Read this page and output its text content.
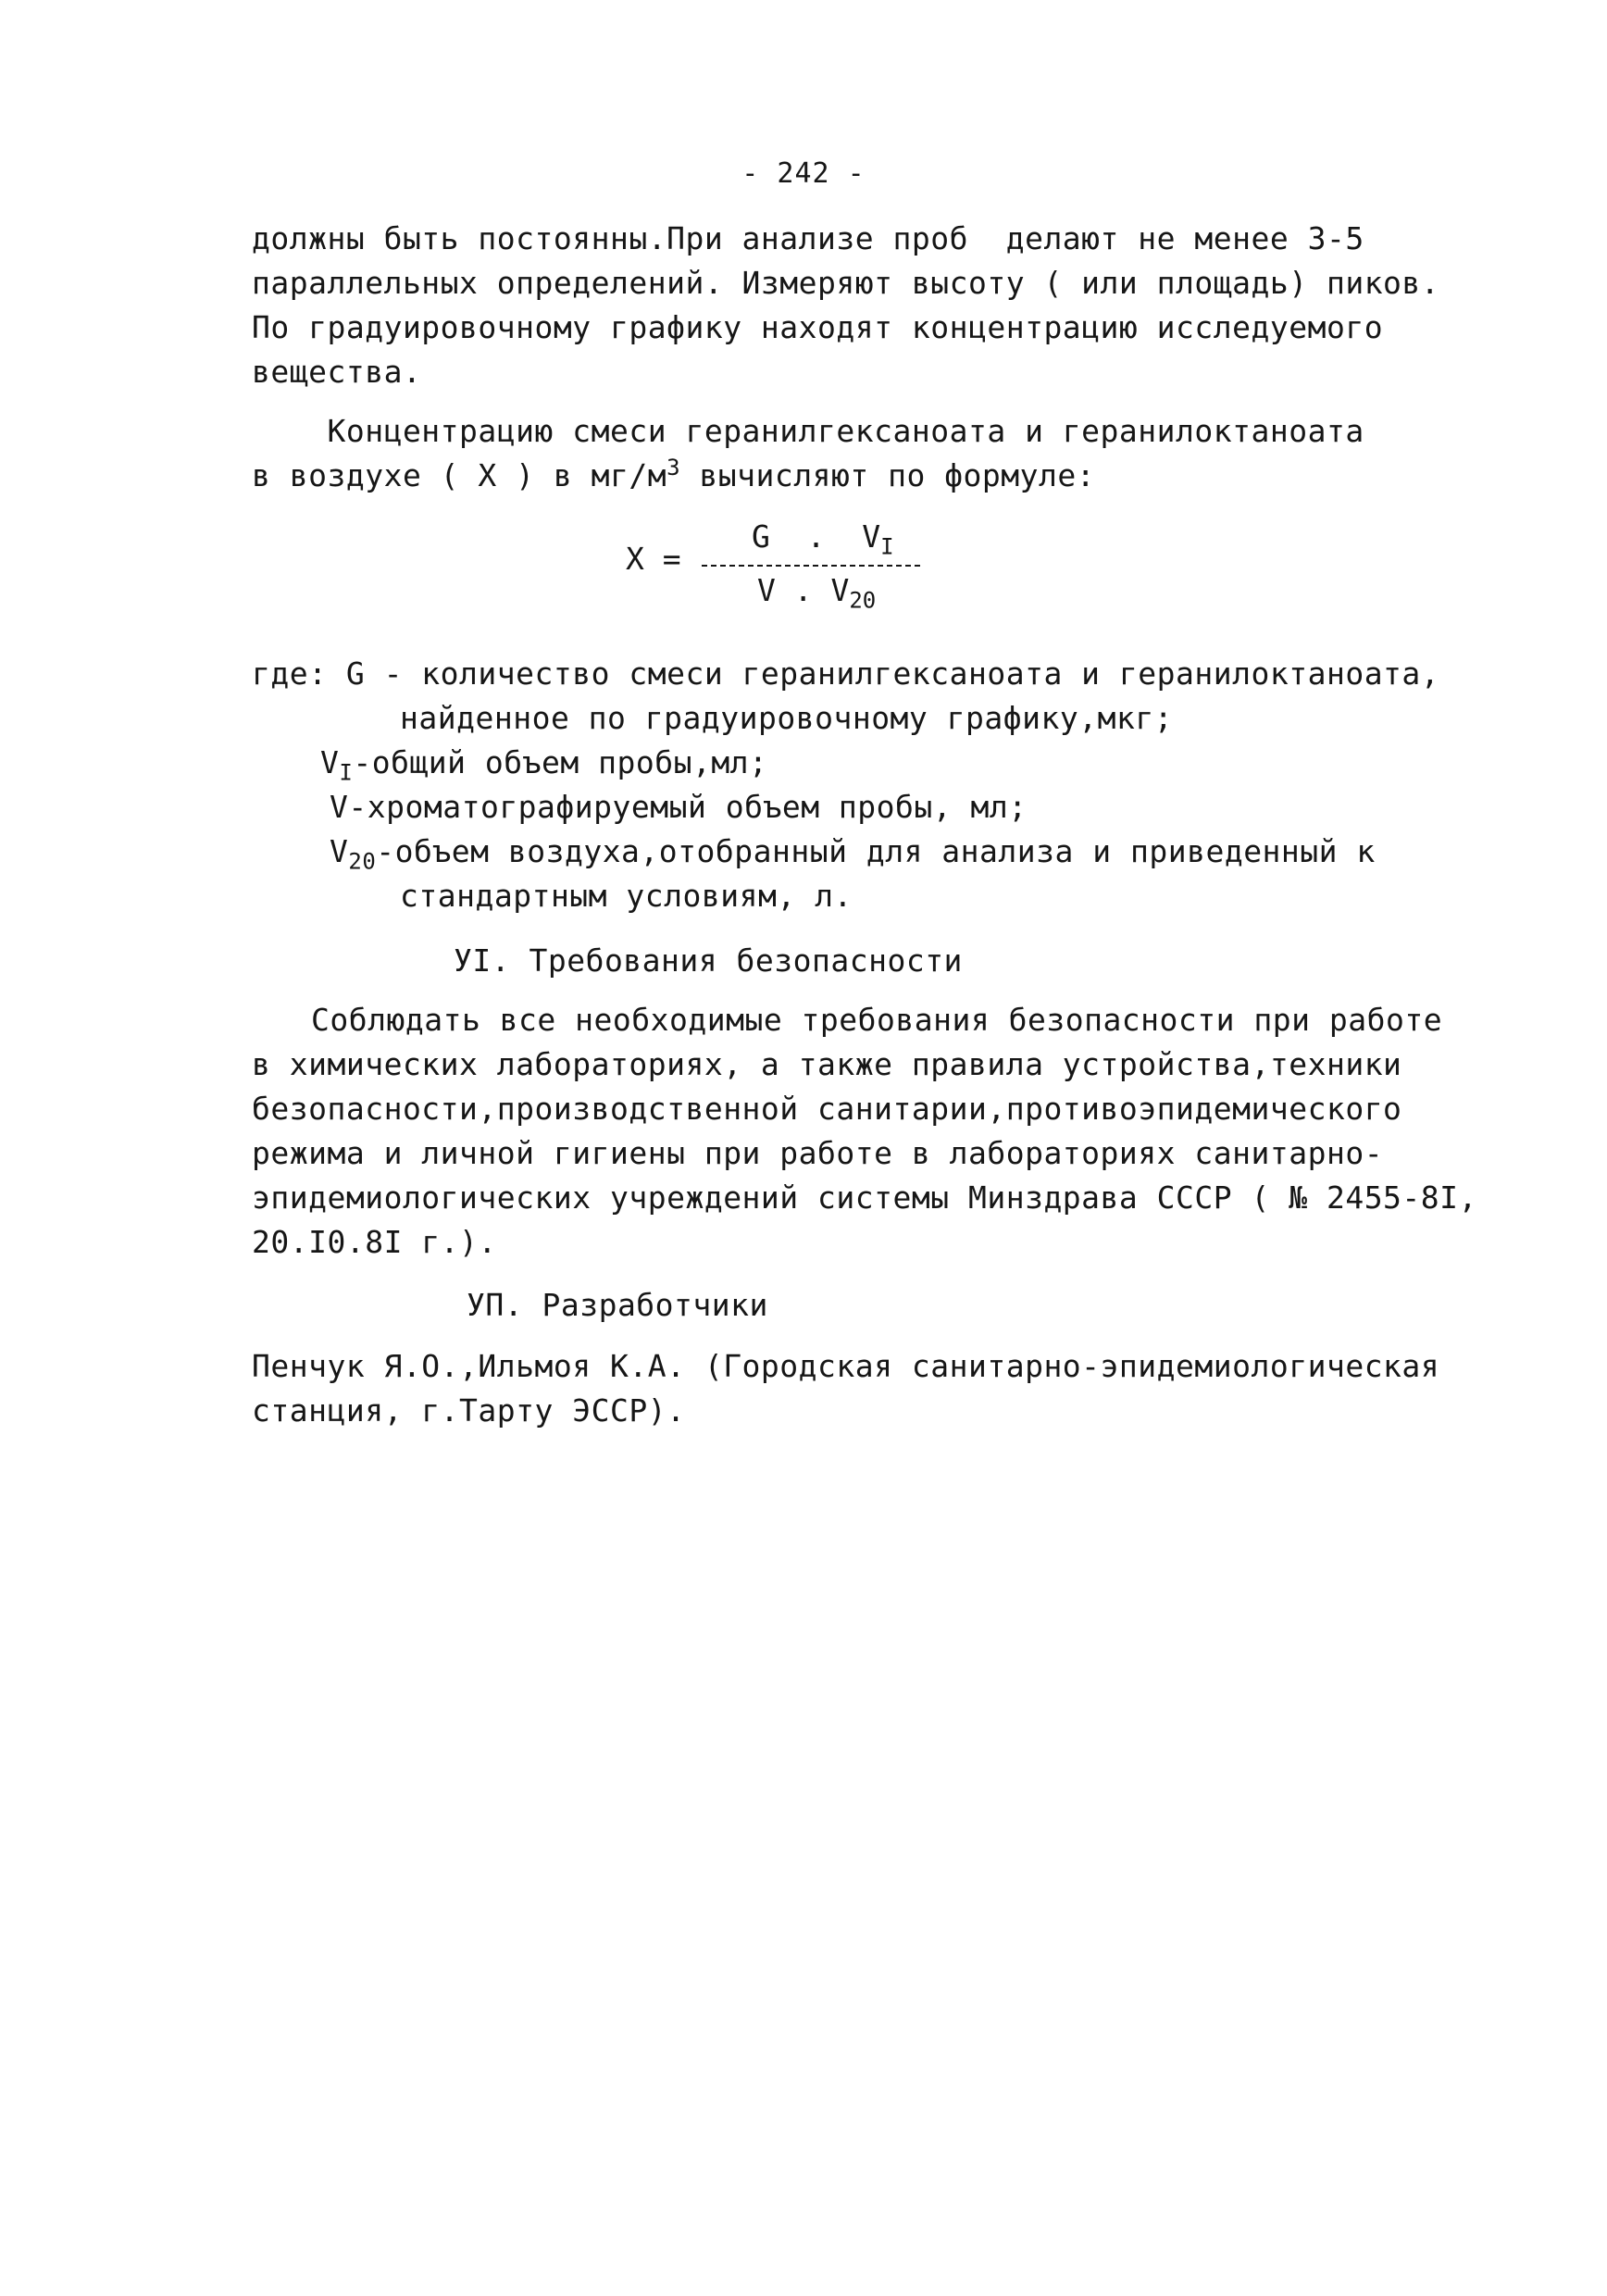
- 242 -
должны быть постоянны.При анализе проб  делают не менее 3-5
параллельных определений. Измеряют высоту ( или площадь) пиков.
По градуировочному графику находят концентрацию исследуемого
вещества.
Концентрацию смеси геранилгексаноата и геранилоктаноата
в воздухе ( Х ) в $мг/м^3$ вычисляют по формуле:
Х =
G  .  $V_I$
V . $V_{20}$
где: G - количество смеси геранилгексаноата и геранилоктаноата,
найденное по градуировочному графику,мкг;
$V_I$-общий объем пробы,мл;
V-хроматографируемый объем пробы, мл;
$V_{20}$-объем воздуха,отобранный для анализа и приведенный к
стандартным условиям, л.
УI. Требования безопасности
Соблюдать все необходимые требования безопасности при работе
в химических лабораториях, а также правила устройства,техники
безопасности,производственной санитарии,противоэпидемического
режима и личной гигиены при работе в лабораториях санитарно-
эпидемиологических учреждений системы Минздрава СССР ( № 2455-8I,
20.I0.8I г.).
УП. Разработчики
Пенчук Я.О.,Ильмоя К.А. (Городская санитарно-эпидемиологическая
станция, г.Тарту ЭССР).
